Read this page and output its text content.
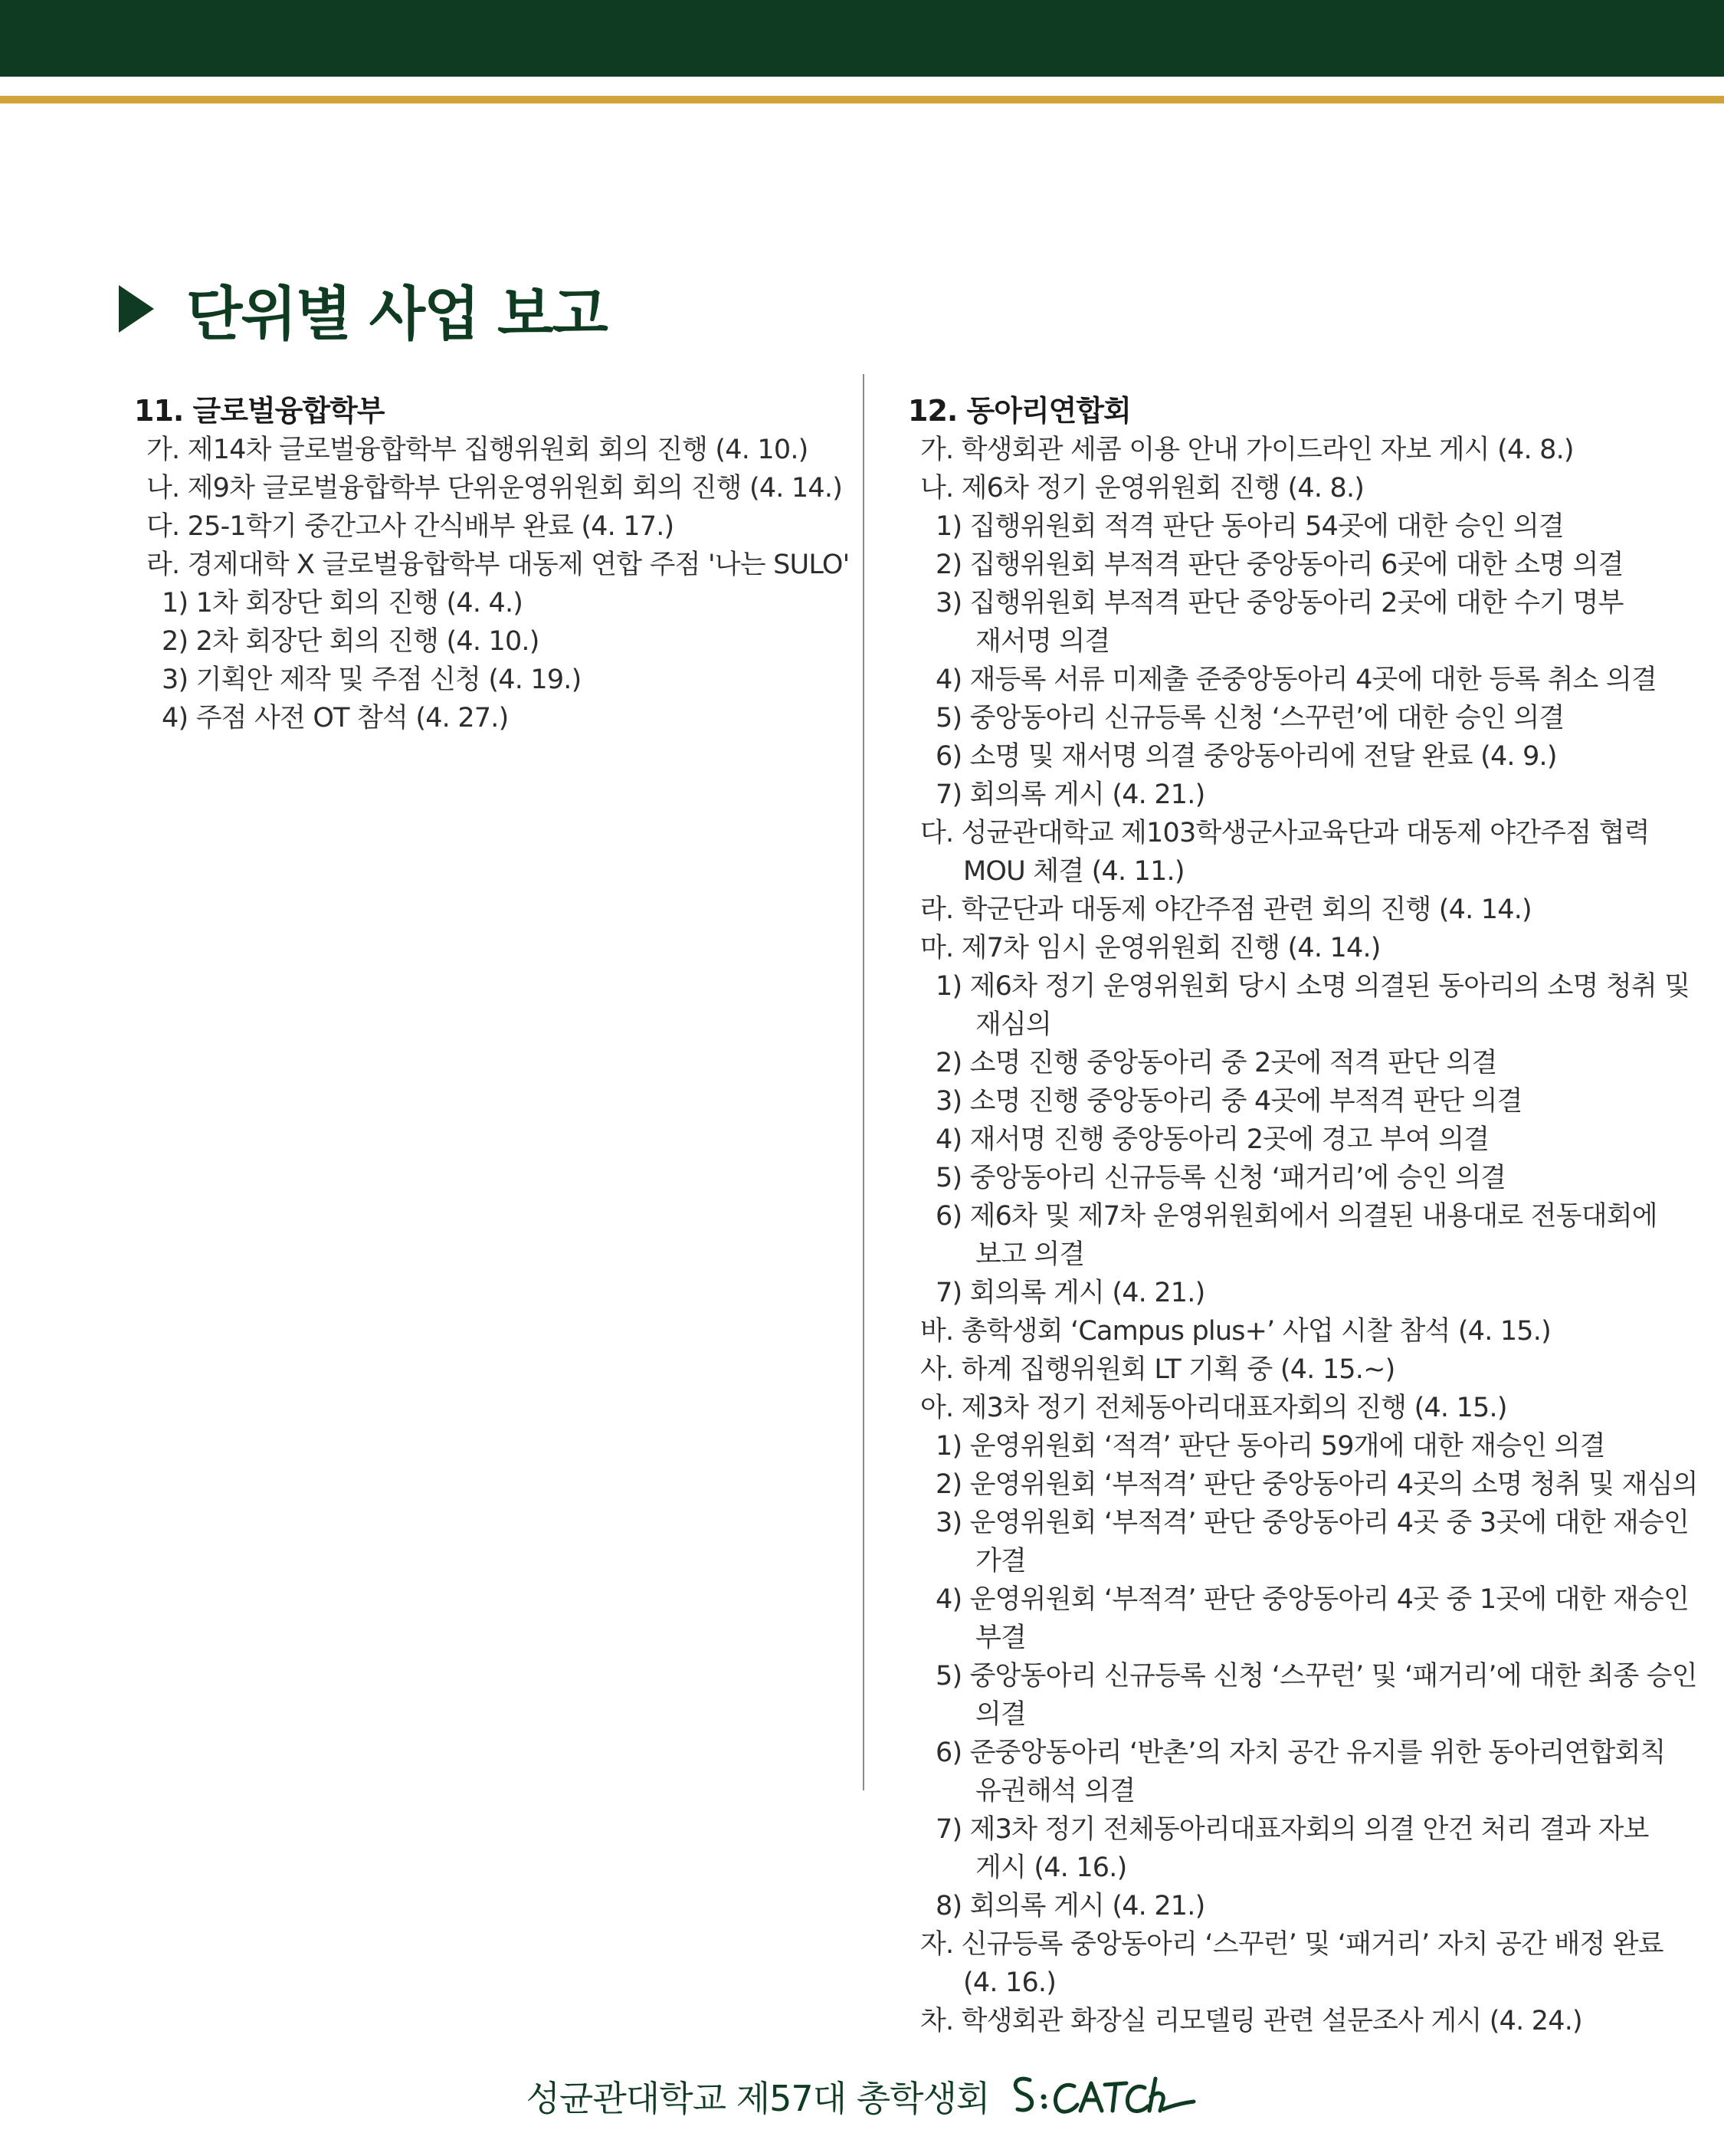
단위별 사업 보고
11. 글로벌융합학부
가. 제14차 글로벌융합학부 집행위원회 회의 진행 (4. 10.)
나. 제9차 글로벌융합학부 단위운영위원회 회의 진행 (4. 14.)
다. 25-1학기 중간고사 간식배부 완료 (4. 17.)
라. 경제대학 X 글로벌융합학부 대동제 연합 주점 '나는 SULO'
1) 1차 회장단 회의 진행 (4. 4.)
2) 2차 회장단 회의 진행 (4. 10.)
3) 기획안 제작 및 주점 신청 (4. 19.)
4) 주점 사전 OT 참석 (4. 27.)
12. 동아리연합회
가. 학생회관 세콤 이용 안내 가이드라인 자보 게시 (4. 8.)
나. 제6차 정기 운영위원회 진행 (4. 8.)
1) 집행위원회 적격 판단 동아리 54곳에 대한 승인 의결
2) 집행위원회 부적격 판단 중앙동아리 6곳에 대한 소명 의결
3) 집행위원회 부적격 판단 중앙동아리 2곳에 대한 수기 명부
재서명 의결
4) 재등록 서류 미제출 준중앙동아리 4곳에 대한 등록 취소 의결
5) 중앙동아리 신규등록 신청 ‘스꾸런’에 대한 승인 의결
6) 소명 및 재서명 의결 중앙동아리에 전달 완료 (4. 9.)
7) 회의록 게시 (4. 21.)
다. 성균관대학교 제103학생군사교육단과 대동제 야간주점 협력
MOU 체결 (4. 11.)
라. 학군단과 대동제 야간주점 관련 회의 진행 (4. 14.)
마. 제7차 임시 운영위원회 진행 (4. 14.)
1) 제6차 정기 운영위원회 당시 소명 의결된 동아리의 소명 청취 및
재심의
2) 소명 진행 중앙동아리 중 2곳에 적격 판단 의결
3) 소명 진행 중앙동아리 중 4곳에 부적격 판단 의결
4) 재서명 진행 중앙동아리 2곳에 경고 부여 의결
5) 중앙동아리 신규등록 신청 ‘패거리’에 승인 의결
6) 제6차 및 제7차 운영위원회에서 의결된 내용대로 전동대회에
보고 의결
7) 회의록 게시 (4. 21.)
바. 총학생회 ‘Campus plus+’ 사업 시찰 참석 (4. 15.)
사. 하계 집행위원회 LT 기획 중 (4. 15.~)
아. 제3차 정기 전체동아리대표자회의 진행 (4. 15.)
1) 운영위원회 ‘적격’ 판단 동아리 59개에 대한 재승인 의결
2) 운영위원회 ‘부적격’ 판단 중앙동아리 4곳의 소명 청취 및 재심의
3) 운영위원회 ‘부적격’ 판단 중앙동아리 4곳 중 3곳에 대한 재승인
가결
4) 운영위원회 ‘부적격’ 판단 중앙동아리 4곳 중 1곳에 대한 재승인
부결
5) 중앙동아리 신규등록 신청 ‘스꾸런’ 및 ‘패거리’에 대한 최종 승인
의결
6) 준중앙동아리 ‘반촌’의 자치 공간 유지를 위한 동아리연합회칙
유권해석 의결
7) 제3차 정기 전체동아리대표자회의 의결 안건 처리 결과 자보
게시 (4. 16.)
8) 회의록 게시 (4. 21.)
자. 신규등록 중앙동아리 ‘스꾸런’ 및 ‘패거리’ 자치 공간 배정 완료
(4. 16.)
차. 학생회관 화장실 리모델링 관련 설문조사 게시 (4. 24.)
성균관대학교 제57대 총학생회
